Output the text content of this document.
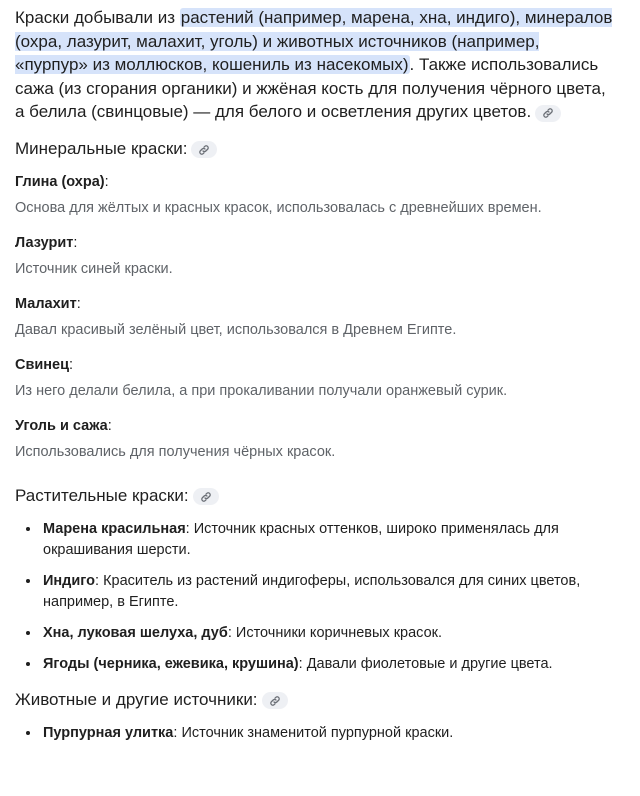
Краски добывали из растений (например, марена, хна, индиго), минералов (охра, лазурит, малахит, уголь) и животных источников (например, «пурпур» из моллюсков, кошениль из насекомых). Также использовались сажа (из сгорания органики) и жжёная кость для получения чёрного цвета, а белила (свинцовые) — для белого и осветления других цветов.

Минеральные краски:

Глина (охра):

Основа для жёлтых и красных красок, использовалась с древнейших времен.

Лазурит:

Источник синей краски.

Малахит:

Давал красивый зелёный цвет, использовался в Древнем Египте.

Свинец:

Из него делали белила, а при прокаливании получали оранжевый сурик.

Уголь и сажа:

Использовались для получения чёрных красок.

Растительные краски:
• Марена красильная: Источник красных оттенков, широко применялась для окрашивания шерсти.
• Индиго: Краситель из растений индигоферы, использовался для синих цветов, например, в Египте.
• Хна, луковая шелуха, дуб: Источники коричневых красок.
• Ягоды (черника, ежевика, крушина): Давали фиолетовые и другие цвета.
Животные и другие источники:
• Пурпурная улитка: Источник знаменитой пурпурной краски.
